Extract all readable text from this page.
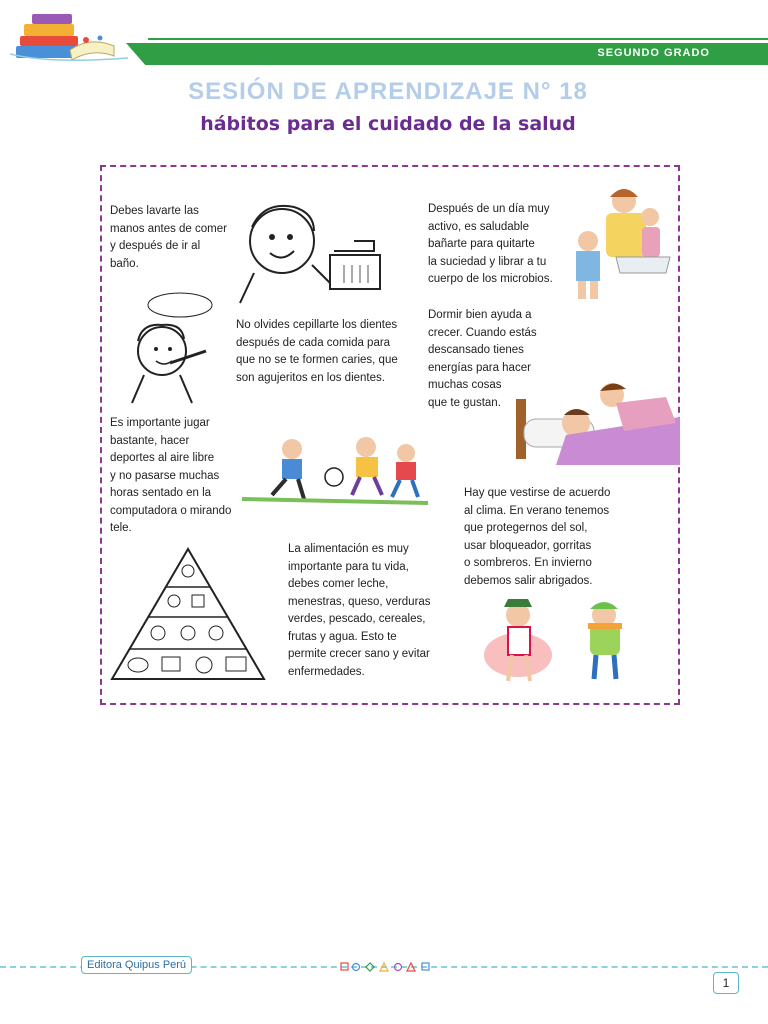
SEGUNDO GRADO
SESIÓN DE APRENDIZAJE N° 18
hábitos para el cuidado de la salud
Debes lavarte las
manos antes de comer
y después de ir al
baño.
No olvides cepillarte los dientes
después de cada comida para
que no se te formen caries, que
son agujeritos en los dientes.
Después de un día muy
activo, es saludable
bañarte para quitarte
la suciedad y librar a tu
cuerpo de los microbios.
Dormir bien ayuda a
crecer. Cuando estás
descansado tienes
energías para hacer
muchas cosas
que te gustan.
Es importante jugar
bastante, hacer
deportes al aire libre
y no pasarse muchas
horas sentado en la
computadora o mirando
tele.
Hay que vestirse de acuerdo
al clima. En verano tenemos
que protegernos del sol,
usar bloqueador, gorritas
o sombreros. En invierno
debemos salir abrigados.
La alimentación es muy
importante para tu vida,
debes comer leche,
menestras, queso, verduras
verdes, pescado, cereales,
frutas y agua. Esto te
permite crecer sano y evitar
enfermedades.
Editora Quipus Perú
1
